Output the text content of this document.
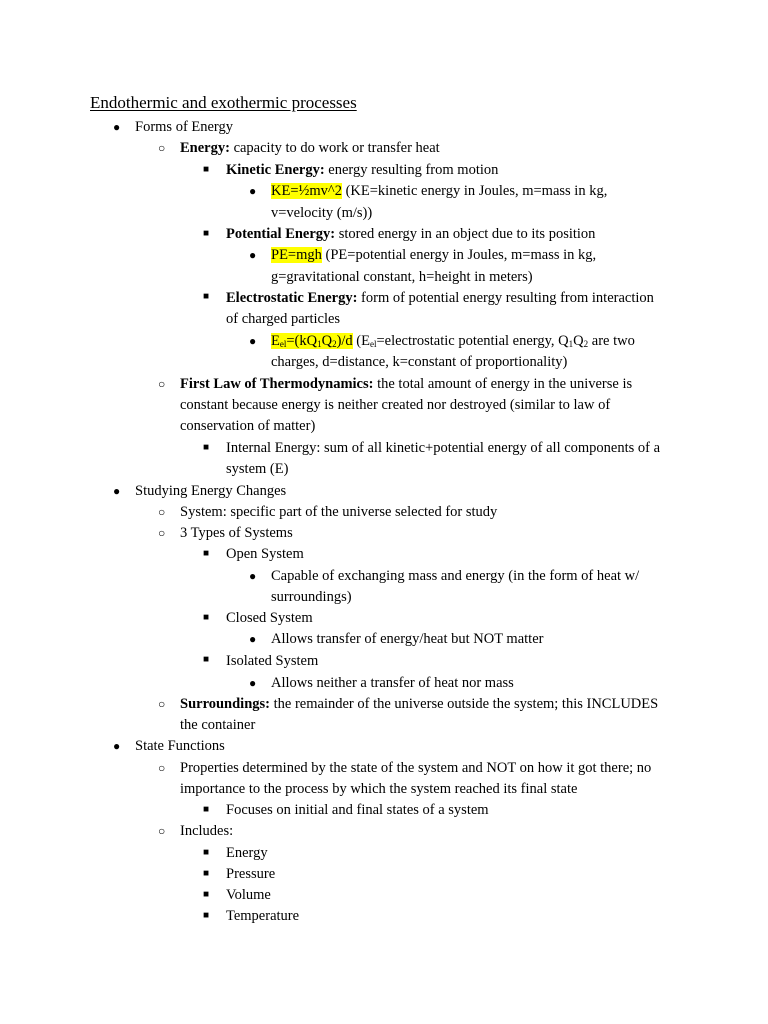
Endothermic and exothermic processes
● Forms of Energy
○ Energy: capacity to do work or transfer heat
■ Kinetic Energy: energy resulting from motion
● KE=½mv^2 (KE=kinetic energy in Joules, m=mass in kg,
v=velocity (m/s))
■ Potential Energy: stored energy in an object due to its position
● PE=mgh (PE=potential energy in Joules, m=mass in kg,
g=gravitational constant, h=height in meters)
■ Electrostatic Energy: form of potential energy resulting from interaction
of charged particles
● $E_{el}=(kQ_1Q_2)/d$ ($E_{el}=electrostatic$ potential energy, $Q_1Q_2$ are two
charges, d=distance, k=constant of proportionality)
○ First Law of Thermodynamics: the total amount of energy in the universe is
constant because energy is neither created nor destroyed (similar to law of
conservation of matter)
■ Internal Energy: sum of all kinetic+potential energy of all components of a
system (E)
● Studying Energy Changes
○ System: specific part of the universe selected for study
○ 3 Types of Systems
■ Open System
● Capable of exchanging mass and energy (in the form of heat w/
surroundings)
■ Closed System
● Allows transfer of energy/heat but NOT matter
■ Isolated System
● Allows neither a transfer of heat nor mass
○ Surroundings: the remainder of the universe outside the system; this INCLUDES
the container
● State Functions
○ Properties determined by the state of the system and NOT on how it got there; no
importance to the process by which the system reached its final state
■ Focuses on initial and final states of a system
○ Includes:
■ Energy
■ Pressure
■ Volume
■ Temperature
